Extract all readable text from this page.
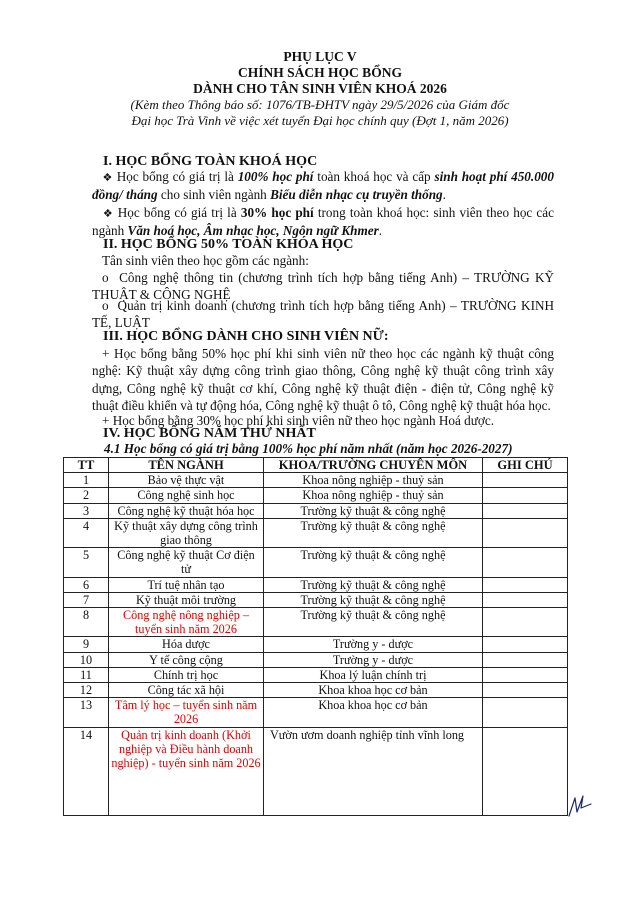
PHỤ LỤC V
CHÍNH SÁCH HỌC BỔNG
DÀNH CHO TÂN SINH VIÊN KHOÁ 2026
(Kèm theo Thông báo số: 1076/TB-ĐHTV ngày 29/5/2026 của Giám đốc
Đại học Trà Vinh về việc xét tuyển Đại học chính quy (Đợt 1, năm 2026)
I. HỌC BỔNG TOÀN KHOÁ HỌC
❖ Học bổng có giá trị là 100% học phí toàn khoá học và cấp sinh hoạt phí 450.000 đồng/ tháng cho sinh viên ngành Biểu diễn nhạc cụ truyền thống.
❖ Học bổng có giá trị là 30% học phí trong toàn khoá học: sinh viên theo học các ngành Văn hoá học, Âm nhạc học, Ngôn ngữ Khmer.
II. HỌC BỔNG 50% TOÀN KHÓA HỌC
Tân sinh viên theo học gồm các ngành:
o Công nghệ thông tin (chương trình tích hợp bằng tiếng Anh) – TRƯỜNG KỸ THUẬT & CÔNG NGHỆ
o Quản trị kinh doanh (chương trình tích hợp bằng tiếng Anh) – TRƯỜNG KINH TẾ, LUẬT
III. HỌC BỔNG DÀNH CHO SINH VIÊN NỮ:
+ Học bổng bằng 50% học phí khi sinh viên nữ theo học các ngành kỹ thuật công nghệ: Kỹ thuật xây dựng công trình giao thông, Công nghệ kỹ thuật công trình xây dựng, Công nghệ kỹ thuật cơ khí, Công nghệ kỹ thuật điện - điện tử, Công nghệ kỹ thuật điều khiển và tự động hóa, Công nghệ kỹ thuật ô tô, Công nghệ kỹ thuật hóa học.
+ Học bổng bằng 30% học phí khi sinh viên nữ theo học ngành Hoá dược.
IV. HỌC BỔNG NĂM THỨ NHẤT
4.1 Học bổng có giá trị bằng 100% học phí năm nhất (năm học 2026-2027)
TT	TÊN NGÀNH	KHOA/TRƯỜNG CHUYÊN MÔN	GHI CHÚ
1	Bảo vệ thực vật	Khoa nông nghiệp - thuỷ sản	
2	Công nghệ sinh học	Khoa nông nghiệp - thuỷ sản	
3	Công nghệ kỹ thuật hóa học	Trường kỹ thuật & công nghệ	
4	Kỹ thuật xây dựng công trình giao thông	Trường kỹ thuật & công nghệ	
5	Công nghệ kỹ thuật Cơ điện tử	Trường kỹ thuật & công nghệ	
6	Trí tuệ nhân tạo	Trường kỹ thuật & công nghệ	
7	Kỹ thuật môi trường	Trường kỹ thuật & công nghệ	
8	Công nghệ nông nghiệp – tuyển sinh năm 2026	Trường kỹ thuật & công nghệ	
9	Hóa dược	Trường y - dược	
10	Y tế công cộng	Trường y - dược	
11	Chính trị học	Khoa lý luận chính trị	
12	Công tác xã hội	Khoa khoa học cơ bản	
13	Tâm lý học – tuyển sinh năm 2026	Khoa khoa học cơ bản	
14	Quản trị kinh doanh (Khởi nghiệp và Điều hành doanh nghiệp) - tuyển sinh năm 2026	Vườn ươm doanh nghiệp tỉnh vĩnh long	
